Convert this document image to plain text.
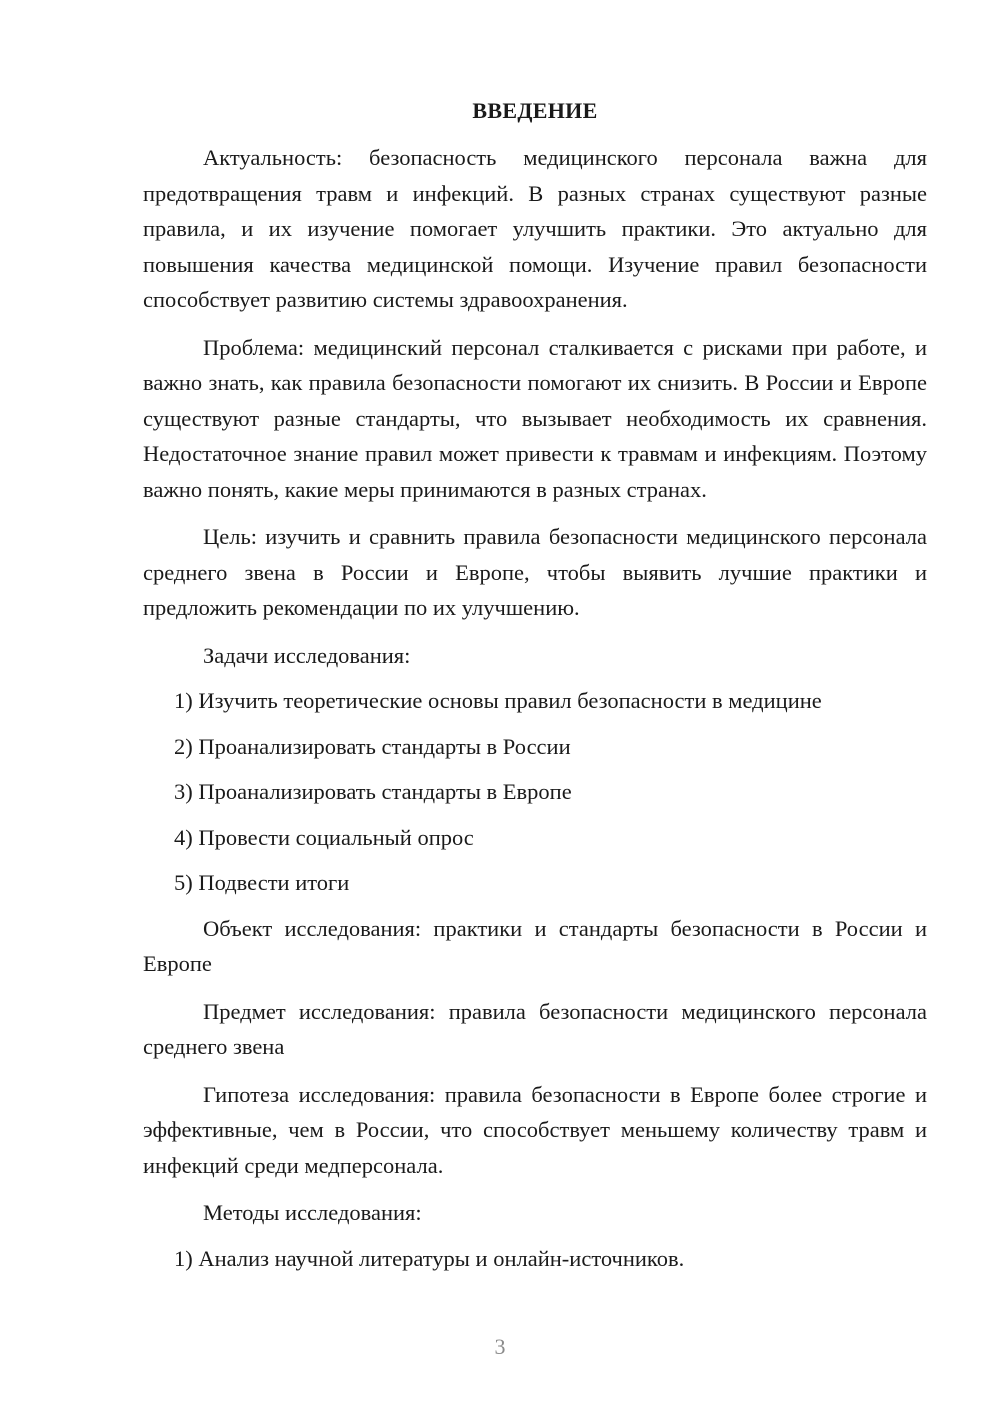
ВВЕДЕНИЕ

Актуальность: безопасность медицинского персонала важна для предотвращения травм и инфекций. В разных странах существуют разные правила, и их изучение помогает улучшить практики. Это актуально для повышения качества медицинской помощи. Изучение правил безопасности способствует развитию системы здравоохранения.

Проблема: медицинский персонал сталкивается с рисками при работе, и важно знать, как правила безопасности помогают их снизить. В России и Европе существуют разные стандарты, что вызывает необходимость их сравнения. Недостаточное знание правил может привести к травмам и инфекциям. Поэтому важно понять, какие меры принимаются в разных странах.

Цель: изучить и сравнить правила безопасности медицинского персонала среднего звена в России и Европе, чтобы выявить лучшие практики и предложить рекомендации по их улучшению.

Задачи исследования:

1) Изучить теоретические основы правил безопасности в медицине
2) Проанализировать стандарты в России
3) Проанализировать стандарты в Европе
4) Провести социальный опрос
5) Подвести итоги

Объект исследования: практики и стандарты безопасности в России и Европе

Предмет исследования: правила безопасности медицинского персонала среднего звена

Гипотеза исследования: правила безопасности в Европе более строгие и эффективные, чем в России, что способствует меньшему количеству травм и инфекций среди медперсонала.

Методы исследования:

1) Анализ научной литературы и онлайн-источников.
3
